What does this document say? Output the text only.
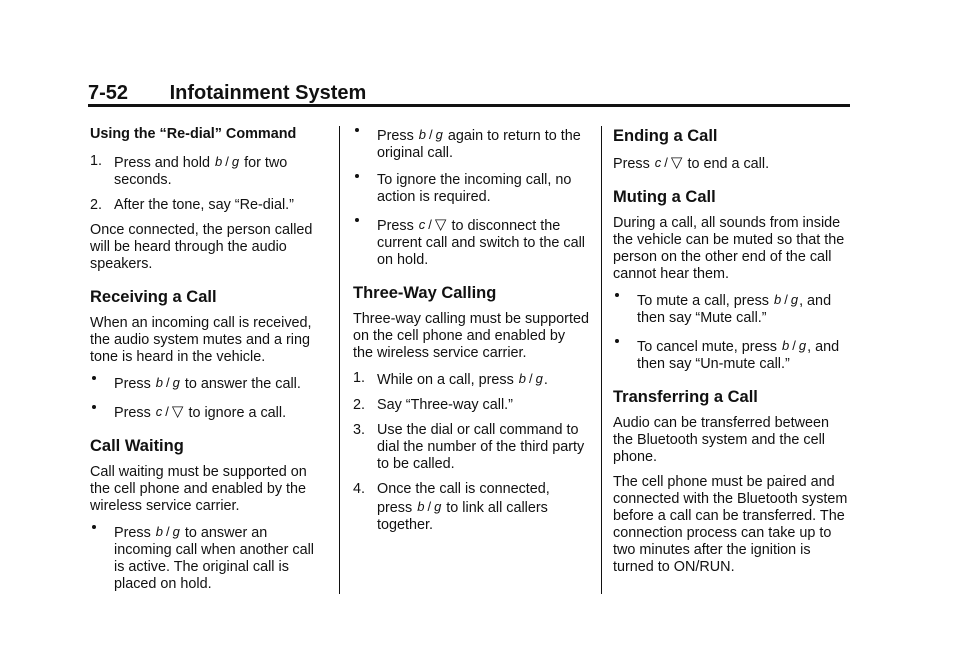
7-52 Infotainment System
Using the “Re-dial” Command
1. Press and hold b / g for two seconds.
2. After the tone, say “Re-dial.”
Once connected, the person called will be heard through the audio speakers.
Receiving a Call
When an incoming call is received, the audio system mutes and a ring tone is heard in the vehicle.
Press b / g to answer the call.
Press c / ▽ to ignore a call.
Call Waiting
Call waiting must be supported on the cell phone and enabled by the wireless service carrier.
Press b / g to answer an incoming call when another call is active. The original call is placed on hold.
Press b / g again to return to the original call.
To ignore the incoming call, no action is required.
Press c / ▽ to disconnect the current call and switch to the call on hold.
Three-Way Calling
Three-way calling must be supported on the cell phone and enabled by the wireless service carrier.
1. While on a call, press b / g.
2. Say “Three-way call.”
3. Use the dial or call command to dial the number of the third party to be called.
4. Once the call is connected,
press b / g to link all callers together.
Ending a Call
Press c / ▽ to end a call.
Muting a Call
During a call, all sounds from inside the vehicle can be muted so that the person on the other end of the call cannot hear them.
To mute a call, press b / g, and then say “Mute call.”
To cancel mute, press b / g, and then say “Un-mute call.”
Transferring a Call
Audio can be transferred between the Bluetooth system and the cell phone.
The cell phone must be paired and connected with the Bluetooth system before a call can be transferred. The connection process can take up to two minutes after the ignition is turned to ON/RUN.
